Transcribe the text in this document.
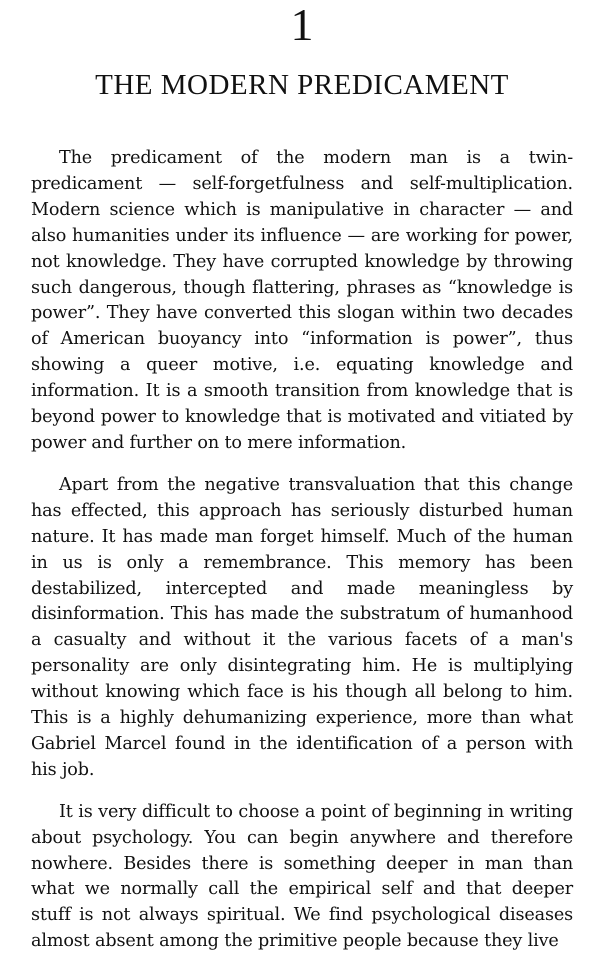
1
THE MODERN PREDICAMENT

The predicament of the modern man is a twin-predicament — self-forgetfulness and self-multiplication. Modern science which is manipulative in character — and also humanities under its influence — are working for power, not knowledge. They have corrupted knowledge by throwing such dangerous, though flattering, phrases as “knowledge is power”. They have converted this slogan within two decades of American buoyancy into “information is power”, thus showing a queer motive, i.e. equating knowledge and information. It is a smooth transition from knowledge that is beyond power to knowledge that is motivated and vitiated by power and further on to mere information.

Apart from the negative transvaluation that this change has effected, this approach has seriously disturbed human nature. It has made man forget himself. Much of the human in us is only a remembrance. This memory has been destabilized, intercepted and made meaningless by disinformation. This has made the substratum of humanhood a casualty and without it the various facets of a man's personality are only disintegrating him. He is multiplying without knowing which face is his though all belong to him. This is a highly dehumanizing experience, more than what Gabriel Marcel found in the identification of a person with his job.

It is very difficult to choose a point of beginning in writing about psychology. You can begin anywhere and therefore nowhere. Besides there is something deeper in man than what we normally call the empirical self and that deeper stuff is not always spiritual. We find psychological diseases almost absent among the primitive people because they live
